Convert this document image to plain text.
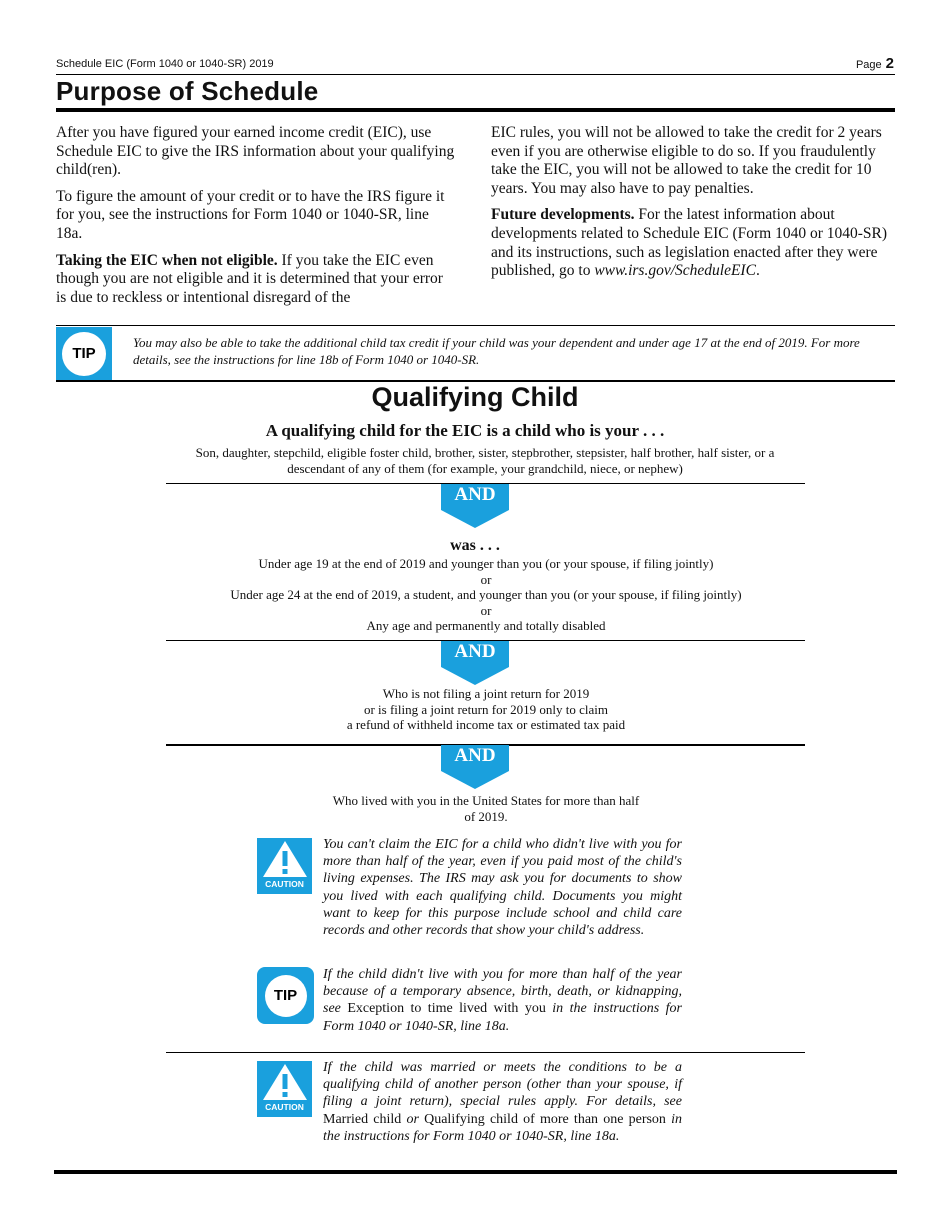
Schedule EIC (Form 1040 or 1040-SR) 2019	Page 2
Purpose of Schedule

After you have figured your earned income credit (EIC), use Schedule EIC to give the IRS information about your qualifying child(ren).

To figure the amount of your credit or to have the IRS figure it for you, see the instructions for Form 1040 or 1040-SR, line 18a.

Taking the EIC when not eligible. If you take the EIC even though you are not eligible and it is determined that your error is due to reckless or intentional disregard of the

EIC rules, you will not be allowed to take the credit for 2 years even if you are otherwise eligible to do so. If you fraudulently take the EIC, you will not be allowed to take the credit for 10 years. You may also have to pay penalties.

Future developments. For the latest information about developments related to Schedule EIC (Form 1040 or 1040-SR) and its instructions, such as legislation enacted after they were published, go to www.irs.gov/ScheduleEIC.

TIP
You may also be able to take the additional child tax credit if your child was your dependent and under age 17 at the end of 2019. For more details, see the instructions for line 18b of Form 1040 or 1040-SR.
Qualifying Child
A qualifying child for the EIC is a child who is your . . .
Son, daughter, stepchild, eligible foster child, brother, sister, stepbrother, stepsister, half brother, half sister, or a descendant of any of them (for example, your grandchild, niece, or nephew)
AND
was . . .
Under age 19 at the end of 2019 and younger than you (or your spouse, if filing jointly)
or
Under age 24 at the end of 2019, a student, and younger than you (or your spouse, if filing jointly)
or
Any age and permanently and totally disabled
AND
Who is not filing a joint return for 2019
or is filing a joint return for 2019 only to claim
a refund of withheld income tax or estimated tax paid
AND
Who lived with you in the United States for more than half
of 2019.
CAUTION
You can't claim the EIC for a child who didn't live with you for more than half of the year, even if you paid most of the child's living expenses. The IRS may ask you for documents to show you lived with each qualifying child. Documents you might want to keep for this purpose include school and child care records and other records that show your child's address.
TIP
If the child didn't live with you for more than half of the year because of a temporary absence, birth, death, or kidnapping, see Exception to time lived with you in the instructions for Form 1040 or 1040-SR, line 18a.
CAUTION
If the child was married or meets the conditions to be a qualifying child of another person (other than your spouse, if filing a joint return), special rules apply. For details, see Married child or Qualifying child of more than one person in the instructions for Form 1040 or 1040-SR, line 18a.
